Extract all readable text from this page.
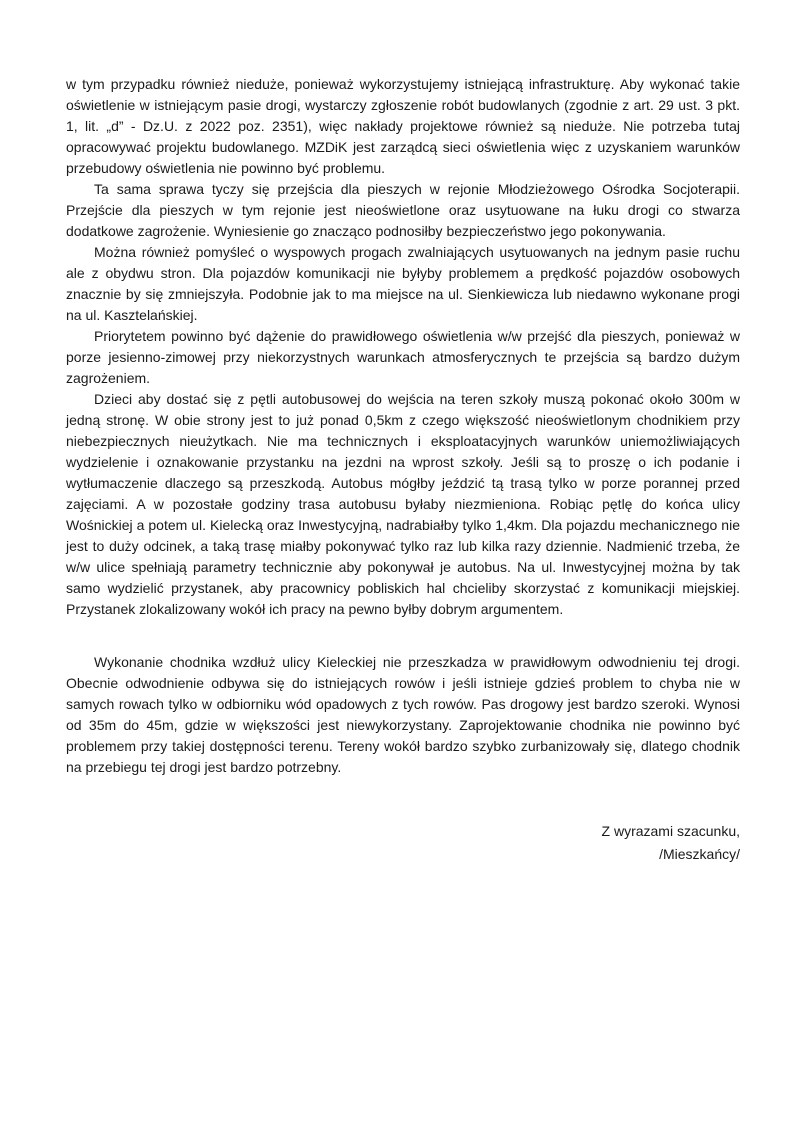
w tym przypadku również nieduże, ponieważ wykorzystujemy istniejącą infrastrukturę. Aby wykonać takie oświetlenie w istniejącym pasie drogi, wystarczy zgłoszenie robót budowlanych (zgodnie z art. 29 ust. 3 pkt. 1, lit. „d” - Dz.U. z 2022 poz. 2351), więc nakłady projektowe również są nieduże. Nie potrzeba tutaj opracowywać projektu budowlanego. MZDiK jest zarządcą sieci oświetlenia więc z uzyskaniem warunków przebudowy oświetlenia nie powinno być problemu.

Ta sama sprawa tyczy się przejścia dla pieszych w rejonie Młodzieżowego Ośrodka Socjoterapii. Przejście dla pieszych w tym rejonie jest nieoświetlone oraz usytuowane na łuku drogi co stwarza dodatkowe zagrożenie. Wyniesienie go znacząco podnosiłby bezpieczeństwo jego pokonywania.

Można również pomyśleć o wyspowych progach zwalniających usytuowanych na jednym pasie ruchu ale z obydwu stron. Dla pojazdów komunikacji nie byłyby problemem a prędkość pojazdów osobowych znacznie by się zmniejszyła. Podobnie jak to ma miejsce na ul. Sienkiewicza lub niedawno wykonane progi na ul. Kasztelańskiej.

Priorytetem powinno być dążenie do prawidłowego oświetlenia w/w przejść dla pieszych, ponieważ w porze jesienno-zimowej przy niekorzystnych warunkach atmosferycznych te przejścia są bardzo dużym zagrożeniem.

Dzieci aby dostać się z pętli autobusowej do wejścia na teren szkoły muszą pokonać około 300m w jedną stronę. W obie strony jest to już ponad 0,5km z czego większość nieoświetlonym chodnikiem przy niebezpiecznych nieużytkach. Nie ma technicznych i eksploatacyjnych warunków uniemożliwiających wydzielenie i oznakowanie przystanku na jezdni na wprost szkoły. Jeśli są to proszę o ich podanie i wytłumaczenie dlaczego są przeszkodą. Autobus mógłby jeździć tą trasą tylko w porze porannej przed zajęciami. A w pozostałe godziny trasa autobusu byłaby niezmieniona. Robiąc pętlę do końca ulicy Wośnickiej a potem ul. Kielecką oraz Inwestycyjną, nadrabiałby tylko 1,4km. Dla pojazdu mechanicznego nie jest to duży odcinek, a taką trasę miałby pokonywać tylko raz lub kilka razy dziennie. Nadmienić trzeba, że w/w ulice spełniają parametry technicznie aby pokonywał je autobus. Na ul. Inwestycyjnej można by tak samo wydzielić przystanek, aby pracownicy pobliskich hal chcieliby skorzystać z komunikacji miejskiej. Przystanek zlokalizowany wokół ich pracy na pewno byłby dobrym argumentem.

Wykonanie chodnika wzdłuż ulicy Kieleckiej nie przeszkadza w prawidłowym odwodnieniu tej drogi. Obecnie odwodnienie odbywa się do istniejących rowów i jeśli istnieje gdzieś problem to chyba nie w samych rowach tylko w odbiorniku wód opadowych z tych rowów. Pas drogowy jest bardzo szeroki. Wynosi od 35m do 45m, gdzie w większości jest niewykorzystany. Zaprojektowanie chodnika nie powinno być problemem przy takiej dostępności terenu. Tereny wokół bardzo szybko zurbanizowały się, dlatego chodnik na przebiegu tej drogi jest bardzo potrzebny.

Z wyrazami szacunku,

/Mieszkańcy/
